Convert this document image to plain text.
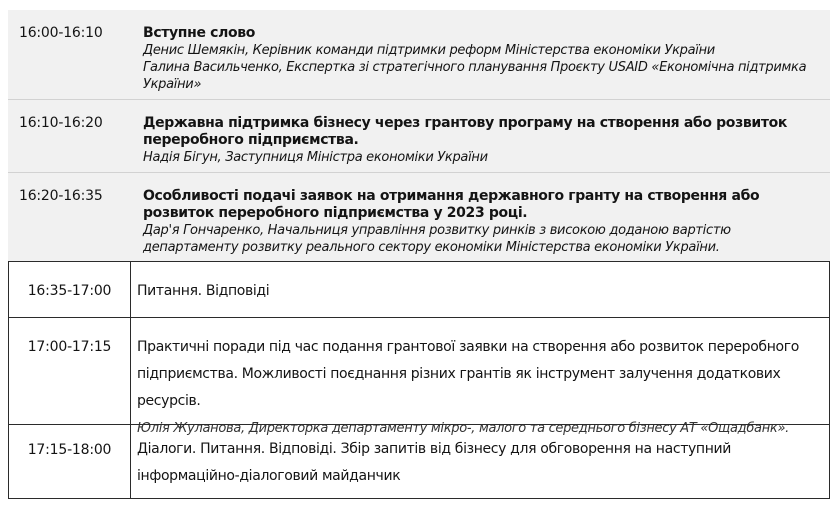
16:00-16:10	Вступне слово
Денис Шемякін, Керівник команди підтримки реформ Міністерства економіки України
Галина Васильченко, Експертка зі стратегічного планування Проєкту USAID «Економічна підтримка України»
16:10-16:20	Державна підтримка бізнесу через грантову програму на створення або розвиток переробного підприємства.
Надія Бігун, Заступниця Міністра економіки України
16:20-16:35	Особливості подачі заявок на отримання державного гранту на створення або розвиток переробного підприємства у 2023 році.
Дар'я Гончаренко, Начальниця управління розвитку ринків з високою доданою вартістю департаменту розвитку реального сектору економіки Міністерства економіки України.
16:35-17:00	Питання. Відповіді
17:00-17:15	Практичні поради під час подання грантової заявки на створення або розвиток переробного підприємства. Можливості поєднання різних грантів як інструмент залучення додаткових ресурсів.
Юлія Жуланова, Директорка департаменту мікро-, малого та середнього бізнесу АТ «Ощадбанк».
17:15-18:00	Діалоги. Питання. Відповіді. Збір запитів від бізнесу для обговорення на наступний інформаційно-діалоговий майданчик
